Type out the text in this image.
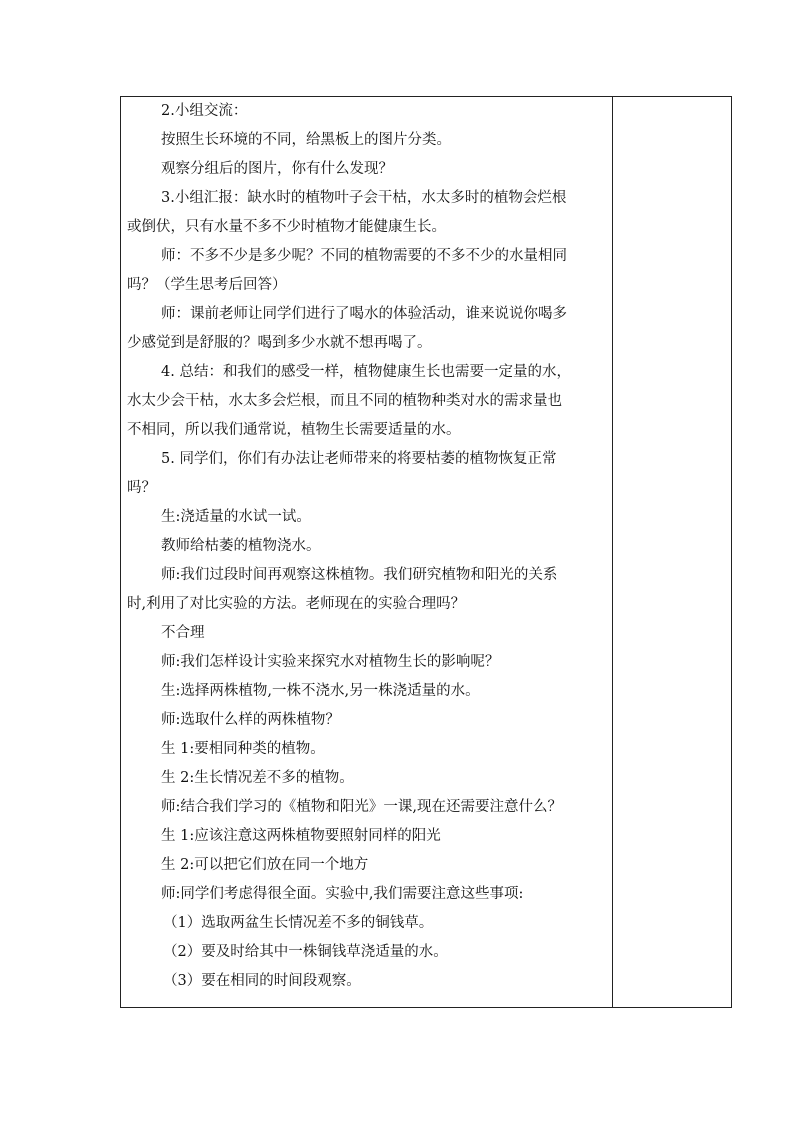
2.小组交流：
按照生长环境的不同，给黑板上的图片分类。
观察分组后的图片，你有什么发现？
3.小组汇报：缺水时的植物叶子会干枯，水太多时的植物会烂根
或倒伏，只有水量不多不少时植物才能健康生长。
师：不多不少是多少呢？不同的植物需要的不多不少的水量相同
吗？（学生思考后回答）
师：课前老师让同学们进行了喝水的体验活动，谁来说说你喝多
少感觉到是舒服的？喝到多少水就不想再喝了。
4. 总结：和我们的感受一样，植物健康生长也需要一定量的水，
水太少会干枯，水太多会烂根，而且不同的植物种类对水的需求量也
不相同，所以我们通常说，植物生长需要适量的水。
5. 同学们，你们有办法让老师带来的将要枯萎的植物恢复正常
吗？
生:浇适量的水试一试。
教师给枯萎的植物浇水。
师:我们过段时间再观察这株植物。我们研究植物和阳光的关系
时,利用了对比实验的方法。老师现在的实验合理吗？
不合理
师:我们怎样设计实验来探究水对植物生长的影响呢？
生:选择两株植物,一株不浇水,另一株浇适量的水。
师:选取什么样的两株植物？
生 1:要相同种类的植物。
生 2:生长情况差不多的植物。
师:结合我们学习的《植物和阳光》一课,现在还需要注意什么？
生 1:应该注意这两株植物要照射同样的阳光
生 2:可以把它们放在同一个地方
师:同学们考虑得很全面。实验中,我们需要注意这些事项:
（1）选取两盆生长情况差不多的铜钱草。
（2）要及时给其中一株铜钱草浇适量的水。
（3）要在相同的时间段观察。
